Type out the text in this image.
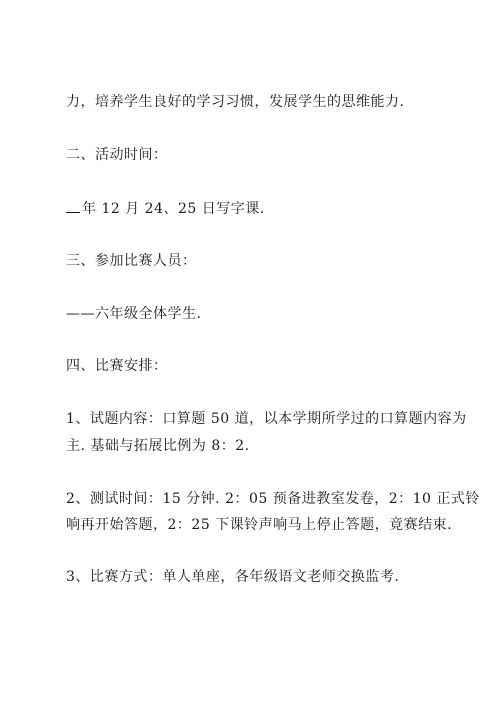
力，培养学生良好的学习习惯，发展学生的思维能力.
二、活动时间：
年 12 月 24、25 日写字课.
三、参加比赛人员：
——六年级全体学生.
四、比赛安排：
1、试题内容：口算题 50 道，以本学期所学过的口算题内容为
主. 基础与拓展比例为 8：2.
2、测试时间：15 分钟. 2：05 预备进教室发卷，2：10 正式铃
响再开始答题，2：25 下课铃声响马上停止答题，竟赛结束.
3、比赛方式：单人单座，各年级语文老师交换监考.
